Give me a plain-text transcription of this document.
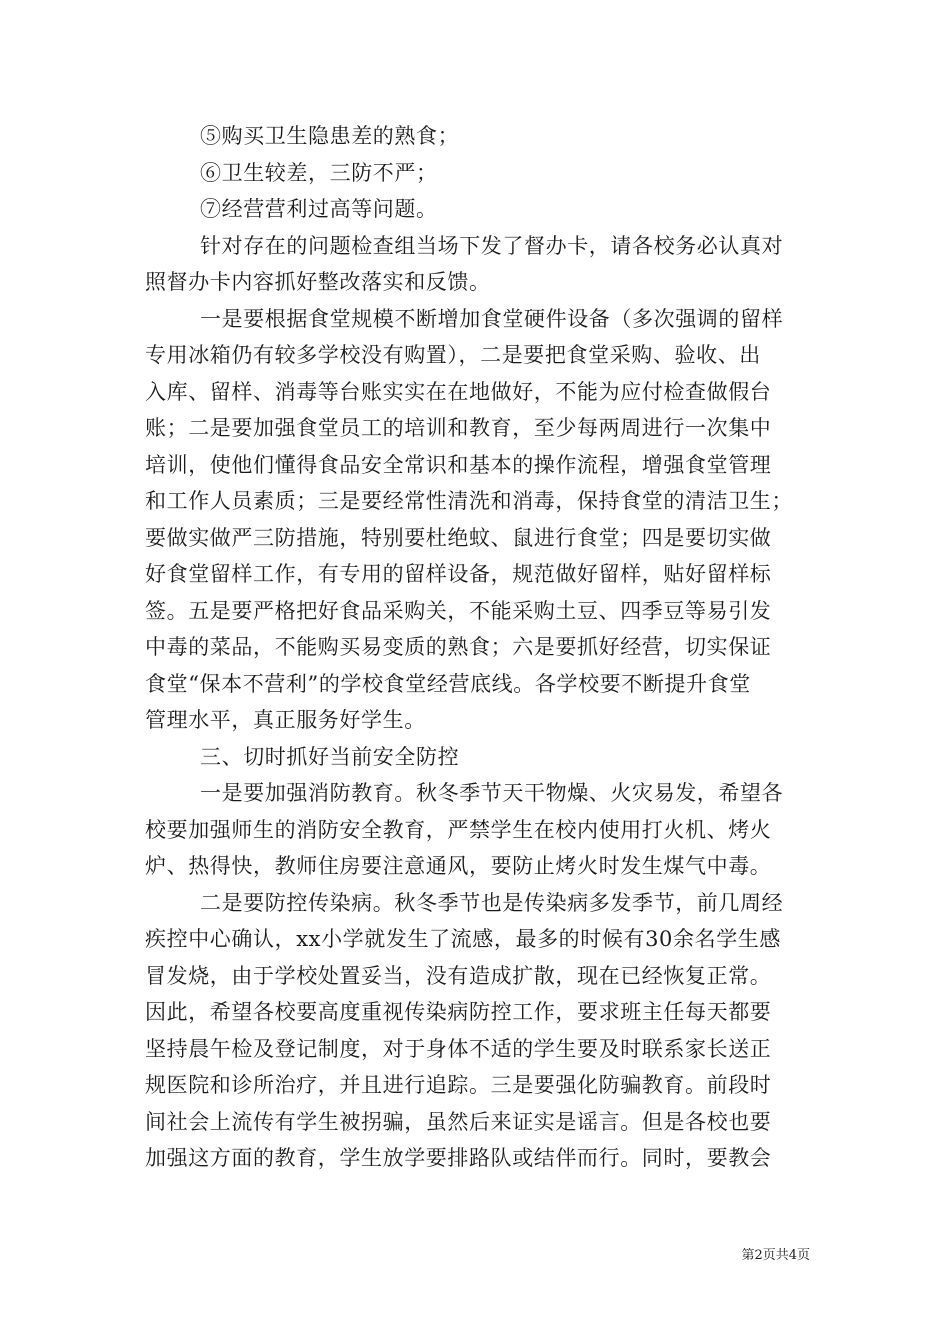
⑤购买卫生隐患差的熟食；
⑥卫生较差，三防不严；
⑦经营营利过高等问题。
针对存在的问题检查组当场下发了督办卡，请各校务必认真对
照督办卡内容抓好整改落实和反馈。
一是要根据食堂规模不断增加食堂硬件设备（多次强调的留样
专用冰箱仍有较多学校没有购置），二是要把食堂采购、验收、出
入库、留样、消毒等台账实实在在地做好，不能为应付检查做假台
账；二是要加强食堂员工的培训和教育，至少每两周进行一次集中
培训，使他们懂得食品安全常识和基本的操作流程，增强食堂管理
和工作人员素质；三是要经常性清洗和消毒，保持食堂的清洁卫生；
要做实做严三防措施，特别要杜绝蚊、鼠进行食堂；四是要切实做
好食堂留样工作，有专用的留样设备，规范做好留样，贴好留样标
签。五是要严格把好食品采购关，不能采购土豆、四季豆等易引发
中毒的菜品，不能购买易变质的熟食；六是要抓好经营，切实保证
食堂“保本不营利”的学校食堂经营底线。各学校要不断提升食堂
管理水平，真正服务好学生。
三、切时抓好当前安全防控
一是要加强消防教育。秋冬季节天干物燥、火灾易发，希望各
校要加强师生的消防安全教育，严禁学生在校内使用打火机、烤火
炉、热得快，教师住房要注意通风，要防止烤火时发生煤气中毒。
二是要防控传染病。秋冬季节也是传染病多发季节，前几周经
疾控中心确认，xx小学就发生了流感，最多的时候有30余名学生感
冒发烧，由于学校处置妥当，没有造成扩散，现在已经恢复正常。
因此，希望各校要高度重视传染病防控工作，要求班主任每天都要
坚持晨午检及登记制度，对于身体不适的学生要及时联系家长送正
规医院和诊所治疗，并且进行追踪。三是要强化防骗教育。前段时
间社会上流传有学生被拐骗，虽然后来证实是谣言。但是各校也要
加强这方面的教育，学生放学要排路队或结伴而行。同时，要教会
第2页共4页
